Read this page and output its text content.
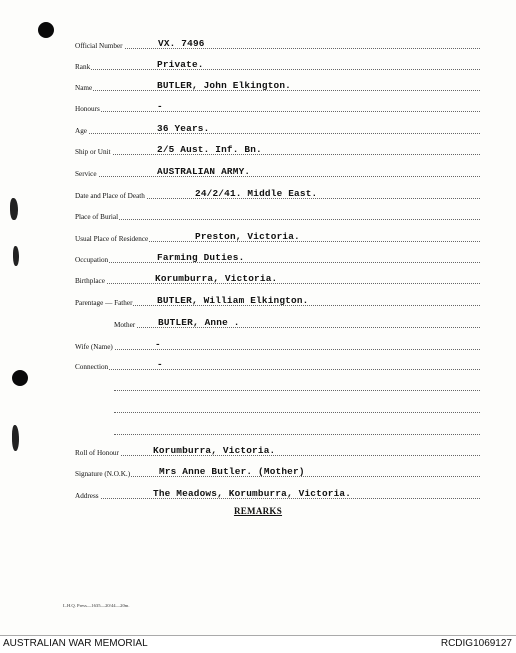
Official Number	VX. 7496
Rank	Private.
Name	BUTLER, John Elkington.
Honours	-
Age	36 Years.
Ship or Unit	2/5 Aust. Inf. Bn.
Service	AUSTRALIAN ARMY.
Date and Place of Death	24/2/41. Middle East.
Place of Burial
Usual Place of Residence	Preston, Victoria.
Occupation	Farming Duties.
Birthplace	Korumburra, Victoria.
Parentage — Father	BUTLER, William Elkington.
Mother BUTLER, Anne .
Wife (Name)	-
Connection	-
Roll of Honour	Korumburra, Victoria.
Signature (N.O.K.)	Mrs Anne Butler. (Mother)
Address	The Meadows, Korumburra, Victoria.
REMARKS
L.H.Q. Press—1635—20/44—20m.
AUSTRALIAN WAR MEMORIAL	RCDIG1069127
